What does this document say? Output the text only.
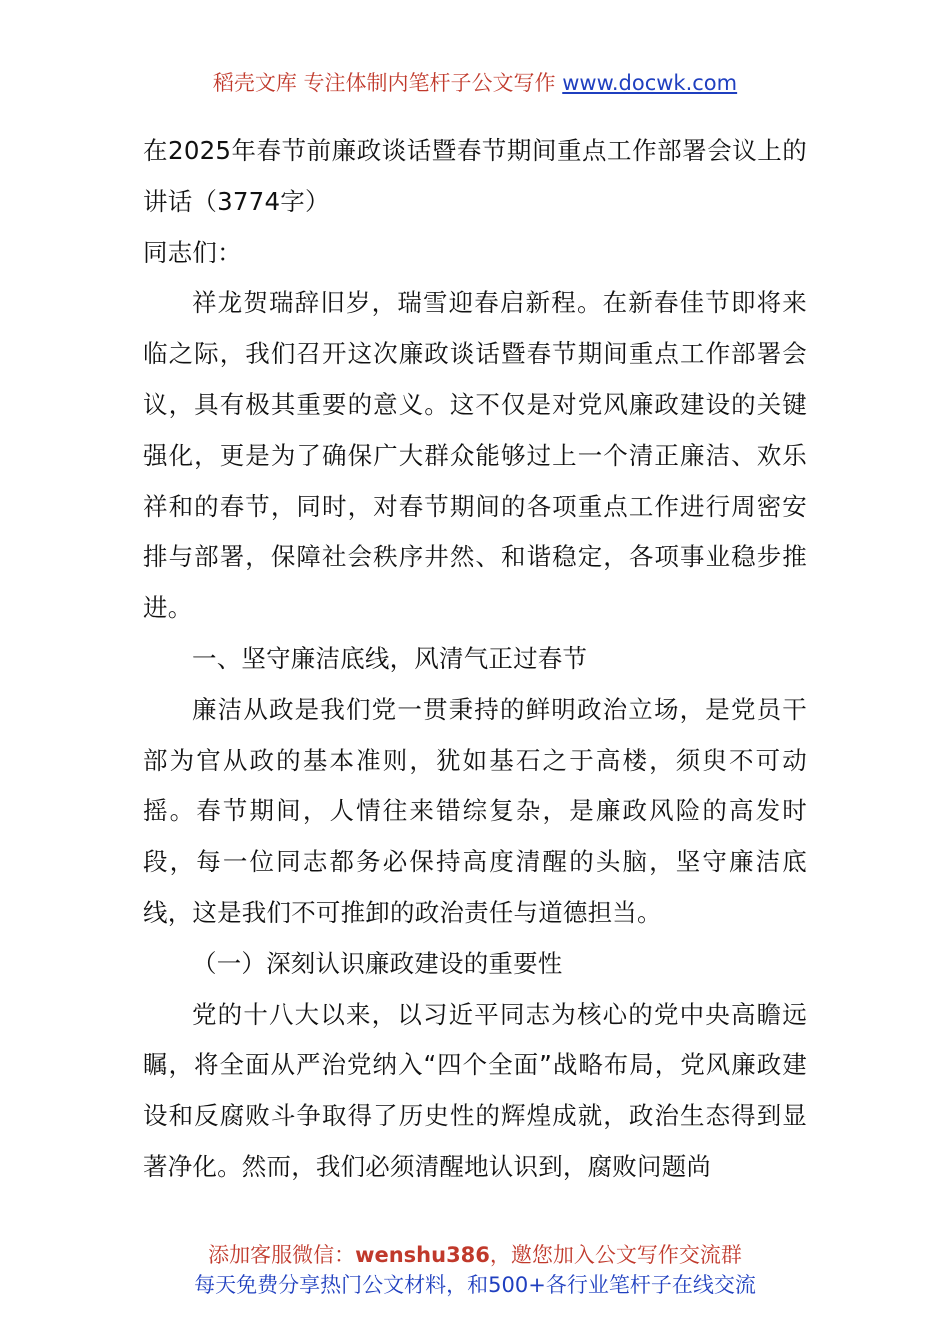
稻壳文库 专注体制内笔杆子公文写作 www.docwk.com

在2025年春节前廉政谈话暨春节期间重点工作部署会议上的讲话（3774字）

同志们：

祥龙贺瑞辞旧岁，瑞雪迎春启新程。在新春佳节即将来临之际，我们召开这次廉政谈话暨春节期间重点工作部署会议，具有极其重要的意义。这不仅是对党风廉政建设的关键强化，更是为了确保广大群众能够过上一个清正廉洁、欢乐祥和的春节，同时，对春节期间的各项重点工作进行周密安排与部署，保障社会秩序井然、和谐稳定，各项事业稳步推进。

一、坚守廉洁底线，风清气正过春节

廉洁从政是我们党一贯秉持的鲜明政治立场，是党员干部为官从政的基本准则，犹如基石之于高楼，须臾不可动摇。春节期间，人情往来错综复杂，是廉政风险的高发时段，每一位同志都务必保持高度清醒的头脑，坚守廉洁底线，这是我们不可推卸的政治责任与道德担当。

（一）深刻认识廉政建设的重要性

党的十八大以来，以习近平同志为核心的党中央高瞻远瞩，将全面从严治党纳入“四个全面”战略布局，党风廉政建设和反腐败斗争取得了历史性的辉煌成就，政治生态得到显著净化。然而，我们必须清醒地认识到，腐败问题尚

添加客服微信：wenshu386，邀您加入公文写作交流群
每天免费分享热门公文材料，和500+各行业笔杆子在线交流
